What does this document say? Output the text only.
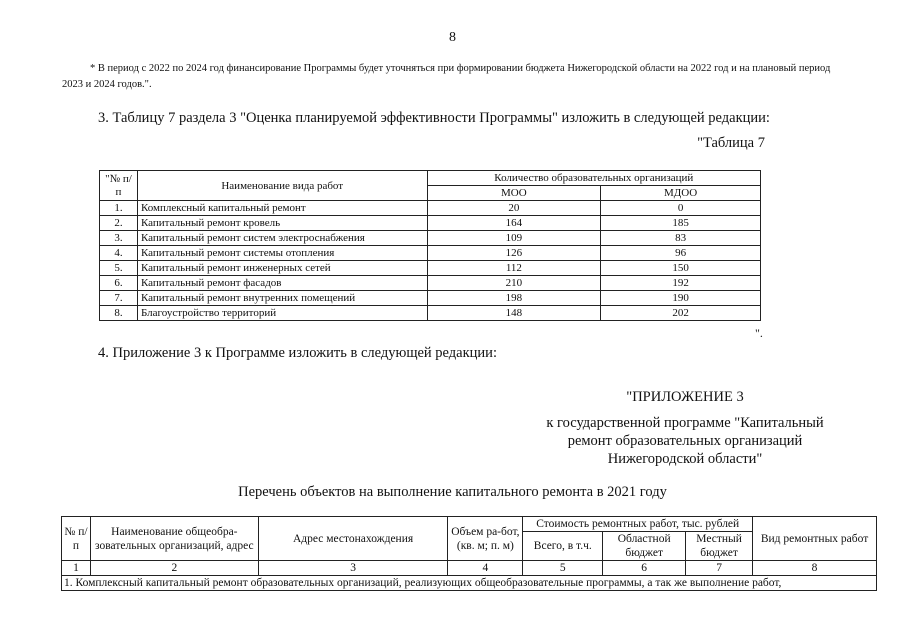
8
* В период с 2022 по 2024 год финансирование Программы будет уточняться при формировании бюджета Нижегородской области на 2022 год и на плановый период 2023 и 2024 годов.".
3. Таблицу 7 раздела 3 "Оценка планируемой эффективности Программы" изложить в следующей редакции:
"Таблица 7
"№ п/п	Наименование вида работ	Количество образовательных организаций	
		МОО	МДОО
1.	Комплексный капитальный ремонт	20	0
2.	Капитальный ремонт кровель	164	185
3.	Капитальный ремонт систем электроснабжения	109	83
4.	Капитальный ремонт системы отопления	126	96
5.	Капитальный ремонт инженерных сетей	112	150
6.	Капитальный ремонт фасадов	210	192
7.	Капитальный ремонт внутренних помещений	198	190
8.	Благоустройство территорий	148	202
".
4. Приложение 3 к Программе изложить в следующей редакции:
"ПРИЛОЖЕНИЕ 3
к государственной программе "Капитальный ремонт образовательных организаций Нижегородской области"
Перечень объектов на выполнение капитального ремонта в 2021 году
№ п/п	Наименование общеобра-зовательных организаций, адрес	Адрес местонахождения	Объем ра-бот, (кв. м; п. м)	Стоимость ремонтных работ, тыс. рублей			Вид ремонтных работ
				Всего, в т.ч.	Областной бюджет	Местный бюджет	
1	2	3	4	5	6	7	8
1. Комплексный капитальный ремонт образовательных организаций, реализующих общеобразовательные программы, а так же выполнение работ,							
